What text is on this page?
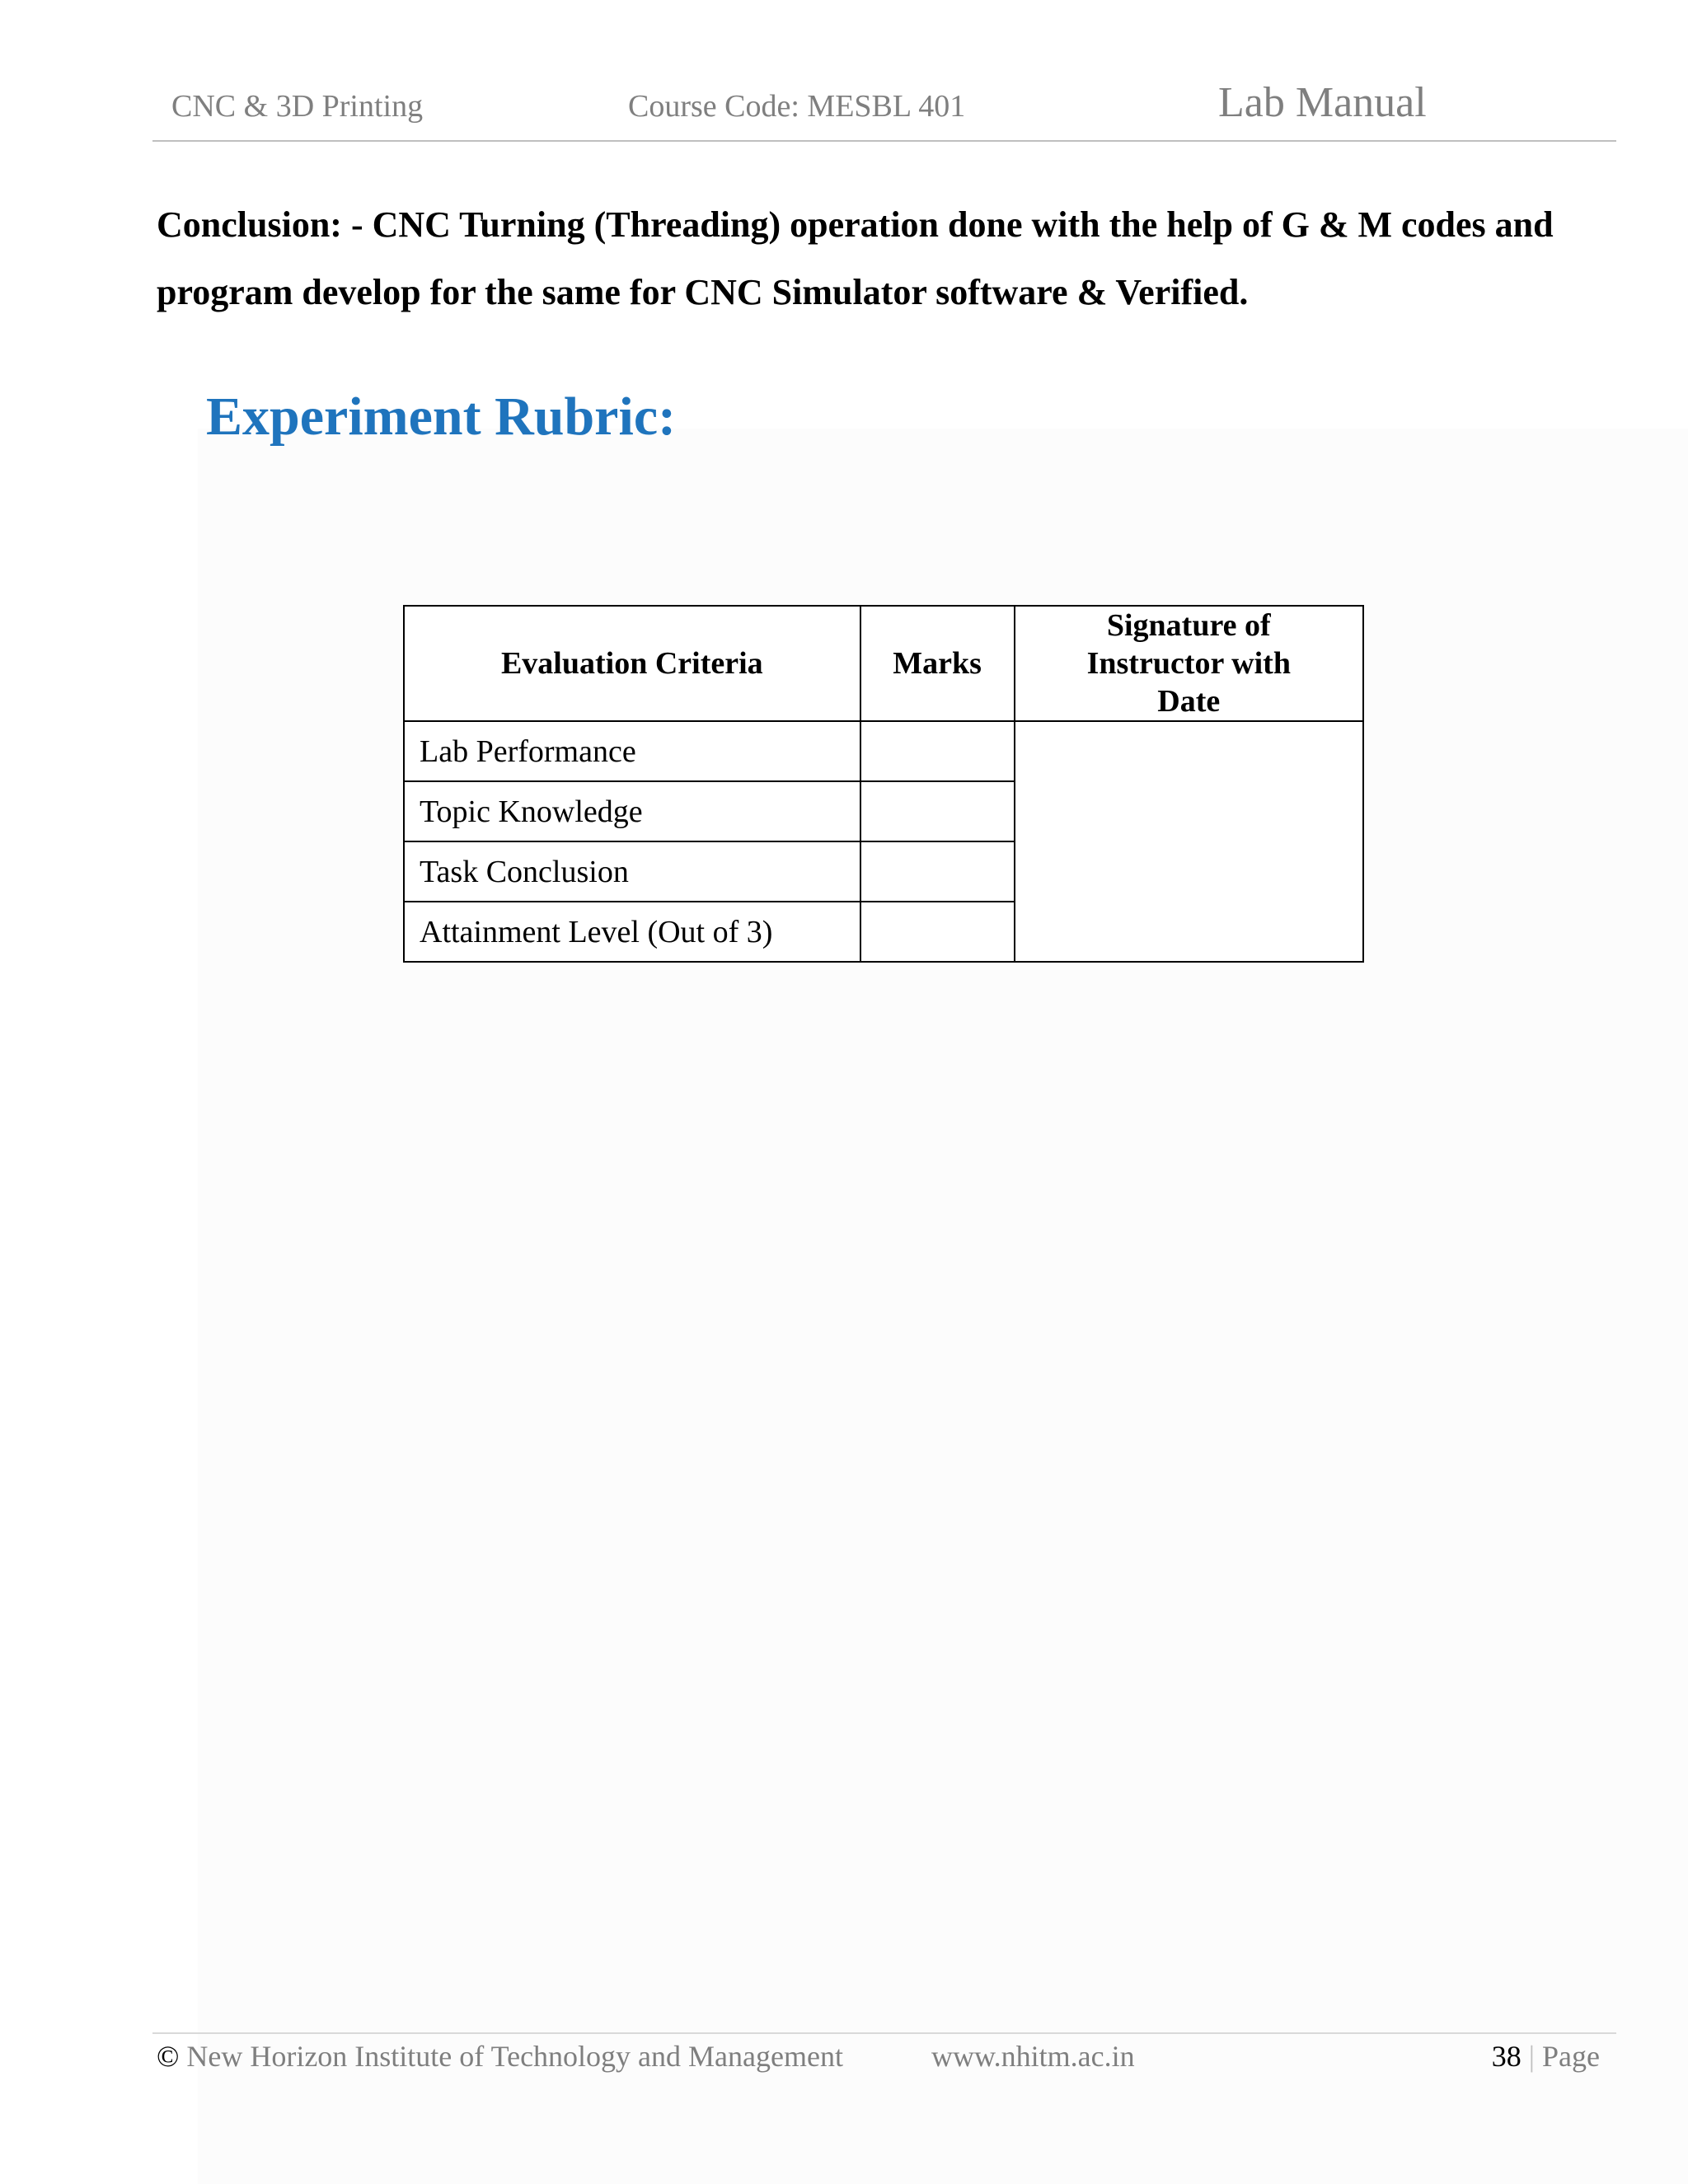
CNC & 3D Printing	Course Code: MESBL 401	Lab Manual
Conclusion: - CNC Turning (Threading) operation done with the help of G & M codes and program develop for the same for CNC Simulator software & Verified.
Experiment Rubric:
Evaluation Criteria	Marks	Signature of Instructor with Date
Lab Performance		
Topic Knowledge		
Task Conclusion		
Attainment Level (Out of 3)		
© New Horizon Institute of Technology and Management	www.nhitm.ac.in	38 | Page
